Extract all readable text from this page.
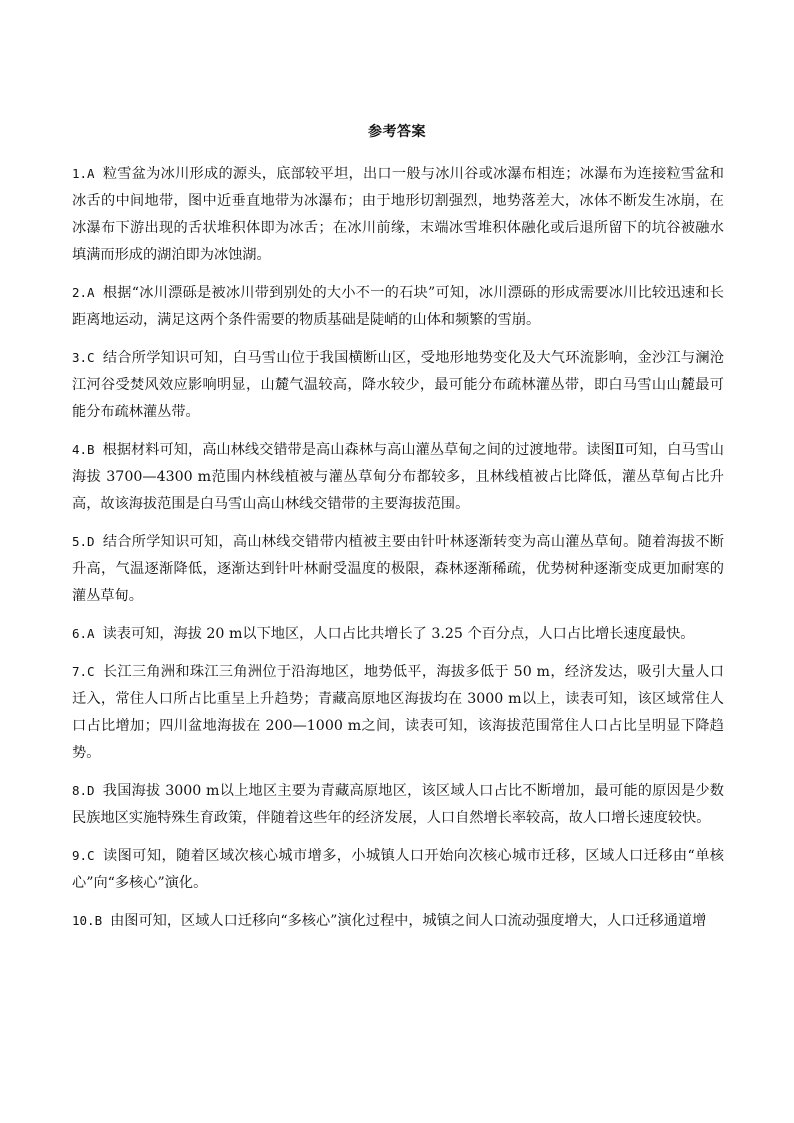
参考答案

1.A 粒雪盆为冰川形成的源头，底部较平坦，出口一般与冰川谷或冰瀑布相连；冰瀑布为连接粒雪盆和冰舌的中间地带，图中近垂直地带为冰瀑布；由于地形切割强烈，地势落差大，冰体不断发生冰崩，在冰瀑布下游出现的舌状堆积体即为冰舌；在冰川前缘，末端冰雪堆积体融化或后退所留下的坑谷被融水填满而形成的湖泊即为冰蚀湖。

2.A 根据“冰川漂砾是被冰川带到别处的大小不一的石块”可知，冰川漂砾的形成需要冰川比较迅速和长距离地运动，满足这两个条件需要的物质基础是陡峭的山体和频繁的雪崩。

3.C 结合所学知识可知，白马雪山位于我国横断山区，受地形地势变化及大气环流影响，金沙江与澜沧江河谷受焚风效应影响明显，山麓气温较高，降水较少，最可能分布疏林灌丛带，即白马雪山山麓最可能分布疏林灌丛带。

4.B 根据材料可知，高山林线交错带是高山森林与高山灌丛草甸之间的过渡地带。读图Ⅱ可知，白马雪山海拔 3700—4300 m范围内林线植被与灌丛草甸分布都较多，且林线植被占比降低，灌丛草甸占比升高，故该海拔范围是白马雪山高山林线交错带的主要海拔范围。

5.D 结合所学知识可知，高山林线交错带内植被主要由针叶林逐渐转变为高山灌丛草甸。随着海拔不断升高，气温逐渐降低，逐渐达到针叶林耐受温度的极限，森林逐渐稀疏，优势树种逐渐变成更加耐寒的灌丛草甸。

6.A 读表可知，海拔 20 m以下地区，人口占比共增长了 3.25 个百分点，人口占比增长速度最快。

7.C 长江三角洲和珠江三角洲位于沿海地区，地势低平，海拔多低于 50 m，经济发达，吸引大量人口迁入，常住人口所占比重呈上升趋势；青藏高原地区海拔均在 3000 m以上，读表可知，该区域常住人口占比增加；四川盆地海拔在 200—1000 m之间，读表可知，该海拔范围常住人口占比呈明显下降趋势。

8.D 我国海拔 3000 m以上地区主要为青藏高原地区，该区域人口占比不断增加，最可能的原因是少数民族地区实施特殊生育政策，伴随着这些年的经济发展，人口自然增长率较高，故人口增长速度较快。

9.C 读图可知，随着区域次核心城市增多，小城镇人口开始向次核心城市迁移，区域人口迁移由“单核心”向“多核心”演化。

10.B 由图可知，区域人口迁移向“多核心”演化过程中，城镇之间人口流动强度增大，人口迁移通道增
